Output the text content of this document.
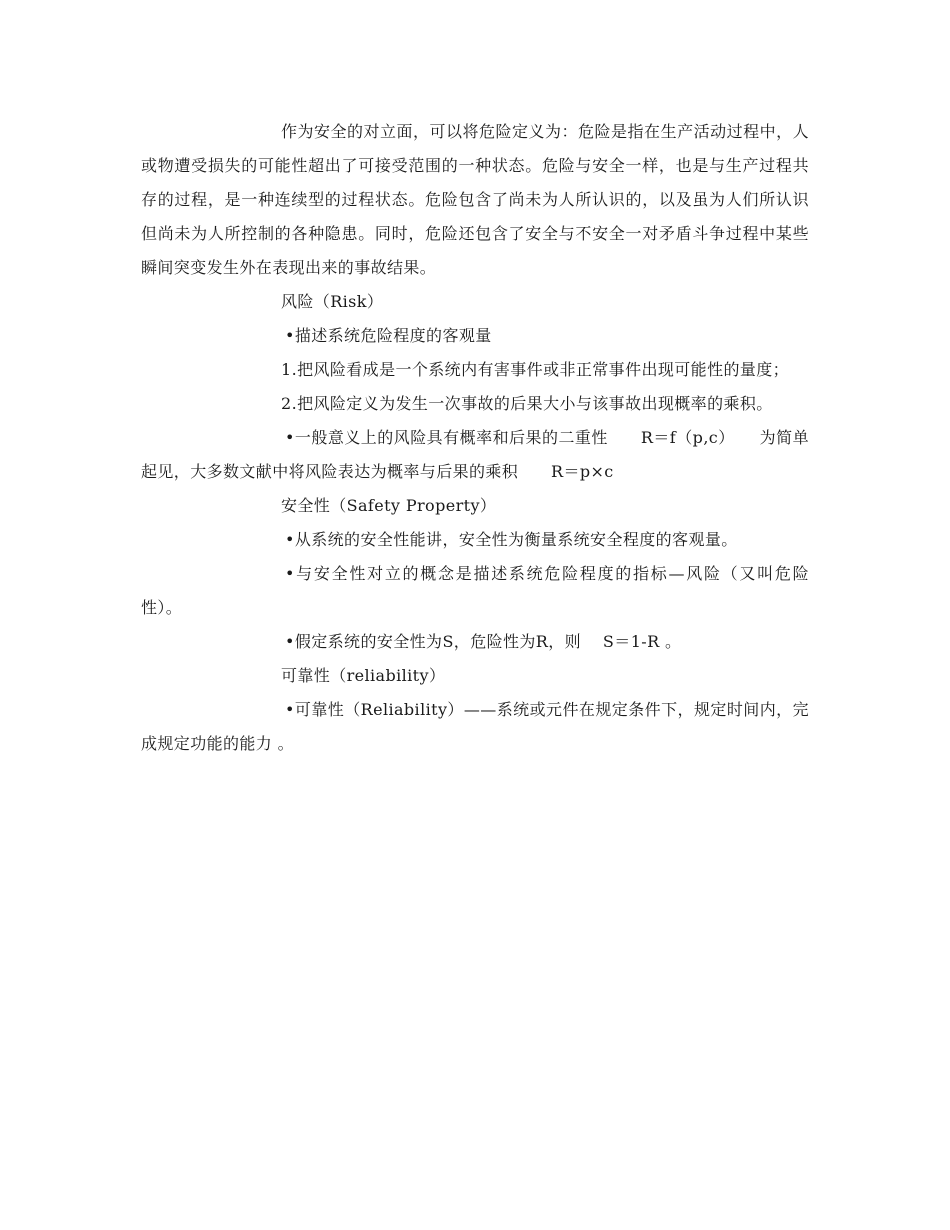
作为安全的对立面，可以将危险定义为：危险是指在生产活动过程中，人或物遭受损失的可能性超出了可接受范围的一种状态。危险与安全一样，也是与生产过程共存的过程，是一种连续型的过程状态。危险包含了尚未为人所认识的，以及虽为人们所认识但尚未为人所控制的各种隐患。同时，危险还包含了安全与不安全一对矛盾斗争过程中某些瞬间突变发生外在表现出来的事故结果。

风险（Risk）

•描述系统危险程度的客观量

1.把风险看成是一个系统内有害事件或非正常事件出现可能性的量度；

2.把风险定义为发生一次事故的后果大小与该事故出现概率的乘积。

•一般意义上的风险具有概率和后果的二重性　　R＝f（p,c）　　为简单起见，大多数文献中将风险表达为概率与后果的乘积　　R＝p×c

安全性（Safety Property）

•从系统的安全性能讲，安全性为衡量系统安全程度的客观量。

•与安全性对立的概念是描述系统危险程度的指标—风险（又叫危险性）。

•假定系统的安全性为S，危险性为R，则　 S＝1-R 。

可靠性（reliability）

•可靠性（Reliability）——系统或元件在规定条件下，规定时间内，完成规定功能的能力 。
